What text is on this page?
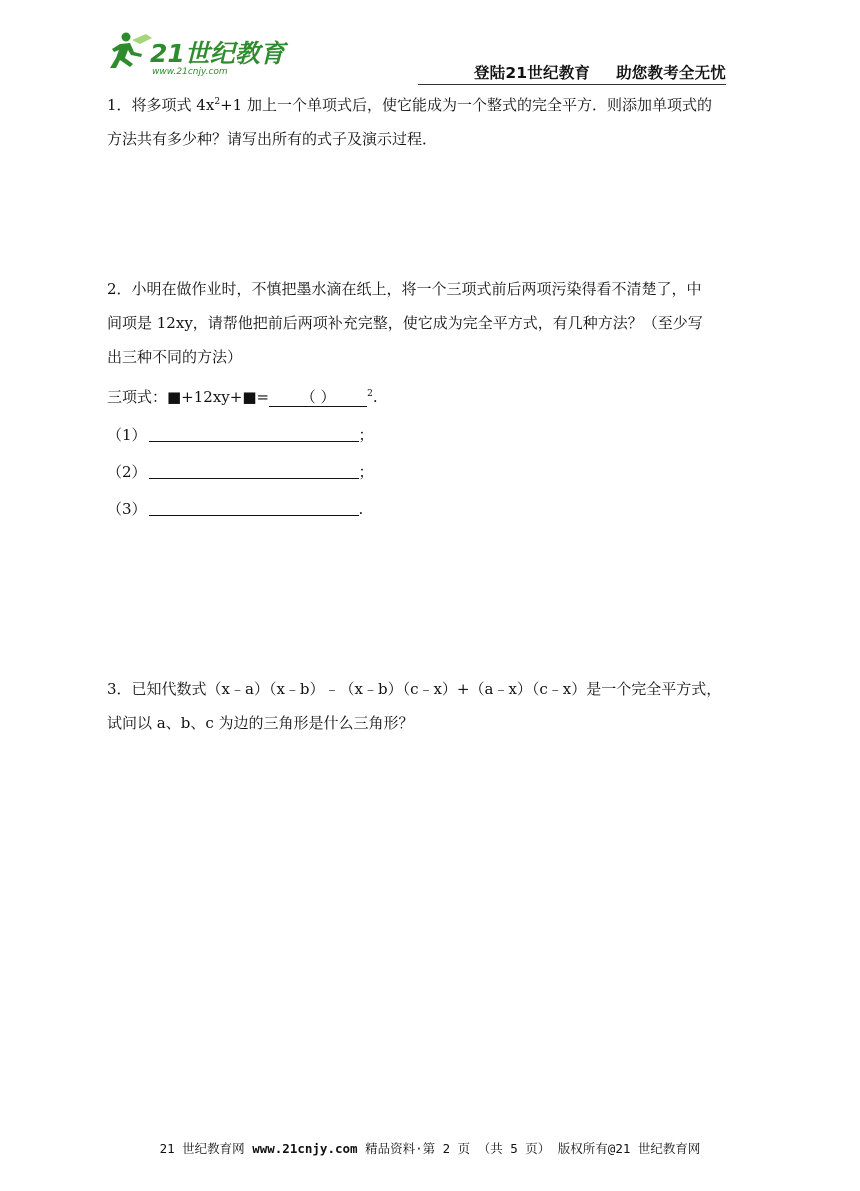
21世纪教育
www.21cnjy.com	登陆21世纪教育 助您教考全无忧

1．将多项式 $4x^2+1$ 加上一个单项式后，使它能成为一个整式的完全平方．则添加单项式的

方法共有多少种？请写出所有的式子及演示过程．

2．小明在做作业时，不慎把墨水滴在纸上，将一个三项式前后两项污染得看不清楚了，中

间项是 12xy，请帮他把前后两项补充完整，使它成为完全平方式，有几种方法？（至少写

出三种不同的方法）

三项式：■+12xy+■= （ ）	$^2$.
（1）	；
（2）	；
（3）	.

3．已知代数式（x﹣a）（x﹣b）﹣（x﹣b）（c﹣x）+（a﹣x）（c﹣x）是一个完全平方式，

试问以 a、b、c 为边的三角形是什么三角形？

21 世纪教育网 www.21cnjy.com 精品资料·第 2 页 （共 5 页） 版权所有@21 世纪教育网
